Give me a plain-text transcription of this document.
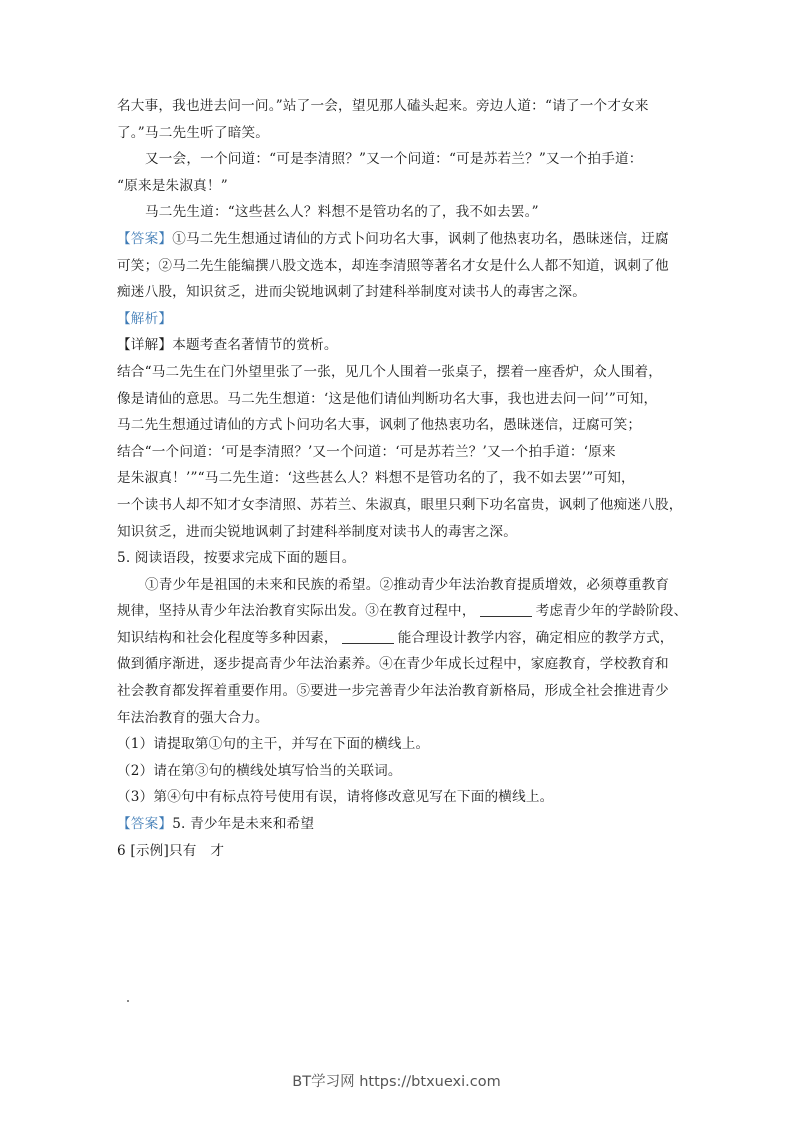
名大事，我也进去问一问。”站了一会，望见那人磕头起来。旁边人道：“请了一个才女来
了。”马二先生听了暗笑。
又一会，一个问道：“可是李清照？”又一个问道：“可是苏若兰？”又一个拍手道：
“原来是朱淑真！”
马二先生道：“这些甚么人？料想不是管功名的了，我不如去罢。”
【答案】①马二先生想通过请仙的方式卜问功名大事，讽刺了他热衷功名，愚昧迷信，迂腐
可笑；②马二先生能编撰八股文选本，却连李清照等著名才女是什么人都不知道，讽刺了他
痴迷八股，知识贫乏，进而尖锐地讽刺了封建科举制度对读书人的毒害之深。
【解析】
【详解】本题考查名著情节的赏析。
结合“马二先生在门外望里张了一张，见几个人围着一张桌子，摆着一座香炉，众人围着，
像是请仙的意思。马二先生想道：‘这是他们请仙判断功名大事，我也进去问一问’”可知，
马二先生想通过请仙的方式卜问功名大事，讽刺了他热衷功名，愚昧迷信，迂腐可笑；
结合“一个问道：‘可是李清照？’又一个问道：‘可是苏若兰？’又一个拍手道：‘原来
是朱淑真！’”“马二先生道：‘这些甚么人？料想不是管功名的了，我不如去罢’”可知，
一个读书人却不知才女李清照、苏若兰、朱淑真，眼里只剩下功名富贵，讽刺了他痴迷八股，
知识贫乏，进而尖锐地讽刺了封建科举制度对读书人的毒害之深。
5. 阅读语段，按要求完成下面的题目。
①青少年是祖国的未来和民族的希望。②推动青少年法治教育提质增效，必须尊重教育
规律，坚持从青少年法治教育实际出发。③在教育过程中，	考虑青少年的学龄阶段、
知识结构和社会化程度等多种因素，	能合理设计教学内容，确定相应的教学方式，
做到循序渐进，逐步提高青少年法治素养。④在青少年成长过程中，家庭教育，学校教育和
社会教育都发挥着重要作用。⑤要进一步完善青少年法治教育新格局，形成全社会推进青少
年法治教育的强大合力。
（1）请提取第①句的主干，并写在下面的横线上。
（2）请在第③句的横线处填写恰当的关联词。
（3）第④句中有标点符号使用有误，请将修改意见写在下面的横线上。
【答案】5. 青少年是未来和希望
6 [示例]只有　才
BT学习网 https://btxuexi.com
